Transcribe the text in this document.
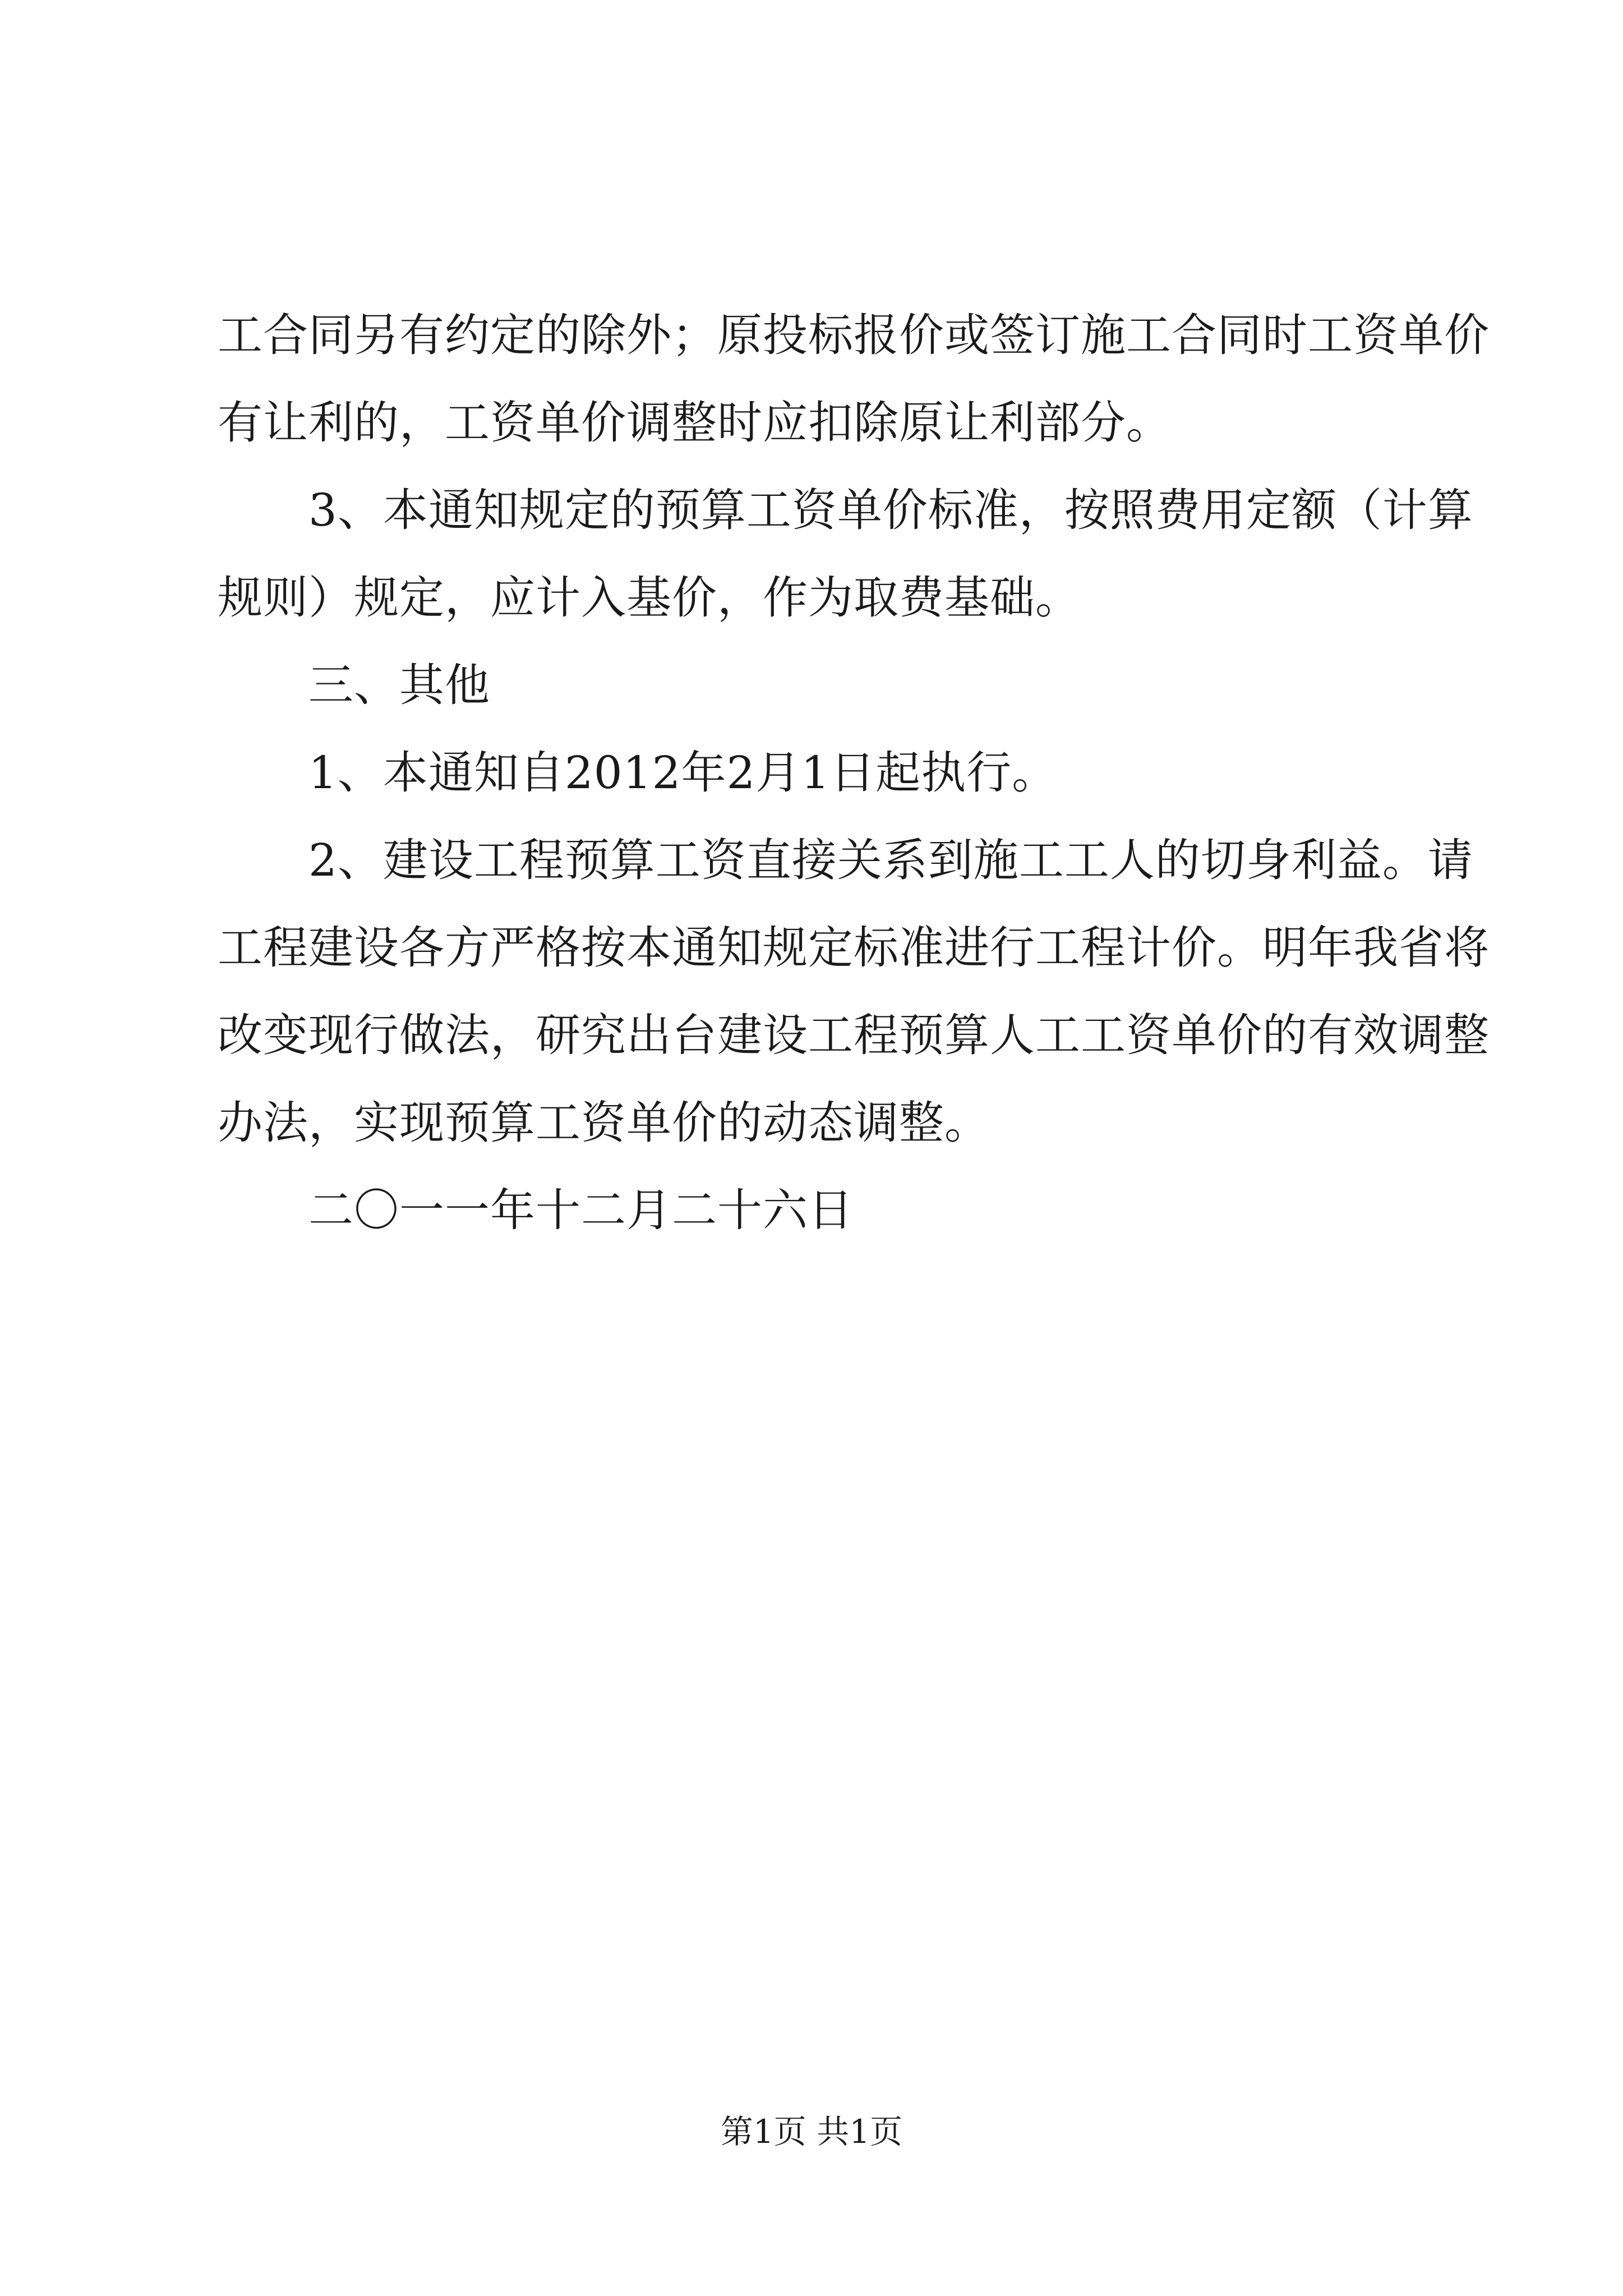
工合同另有约定的除外；原投标报价或签订施工合同时工资单价
有让利的，工资单价调整时应扣除原让利部分。
3、本通知规定的预算工资单价标准，按照费用定额（计算
规则）规定，应计入基价，作为取费基础。
三、其他
1、本通知自2012年2月1日起执行。
2、建设工程预算工资直接关系到施工工人的切身利益。请
工程建设各方严格按本通知规定标准进行工程计价。明年我省将
改变现行做法，研究出台建设工程预算人工工资单价的有效调整
办法，实现预算工资单价的动态调整。
二〇一一年十二月二十六日
第1页 共1页
